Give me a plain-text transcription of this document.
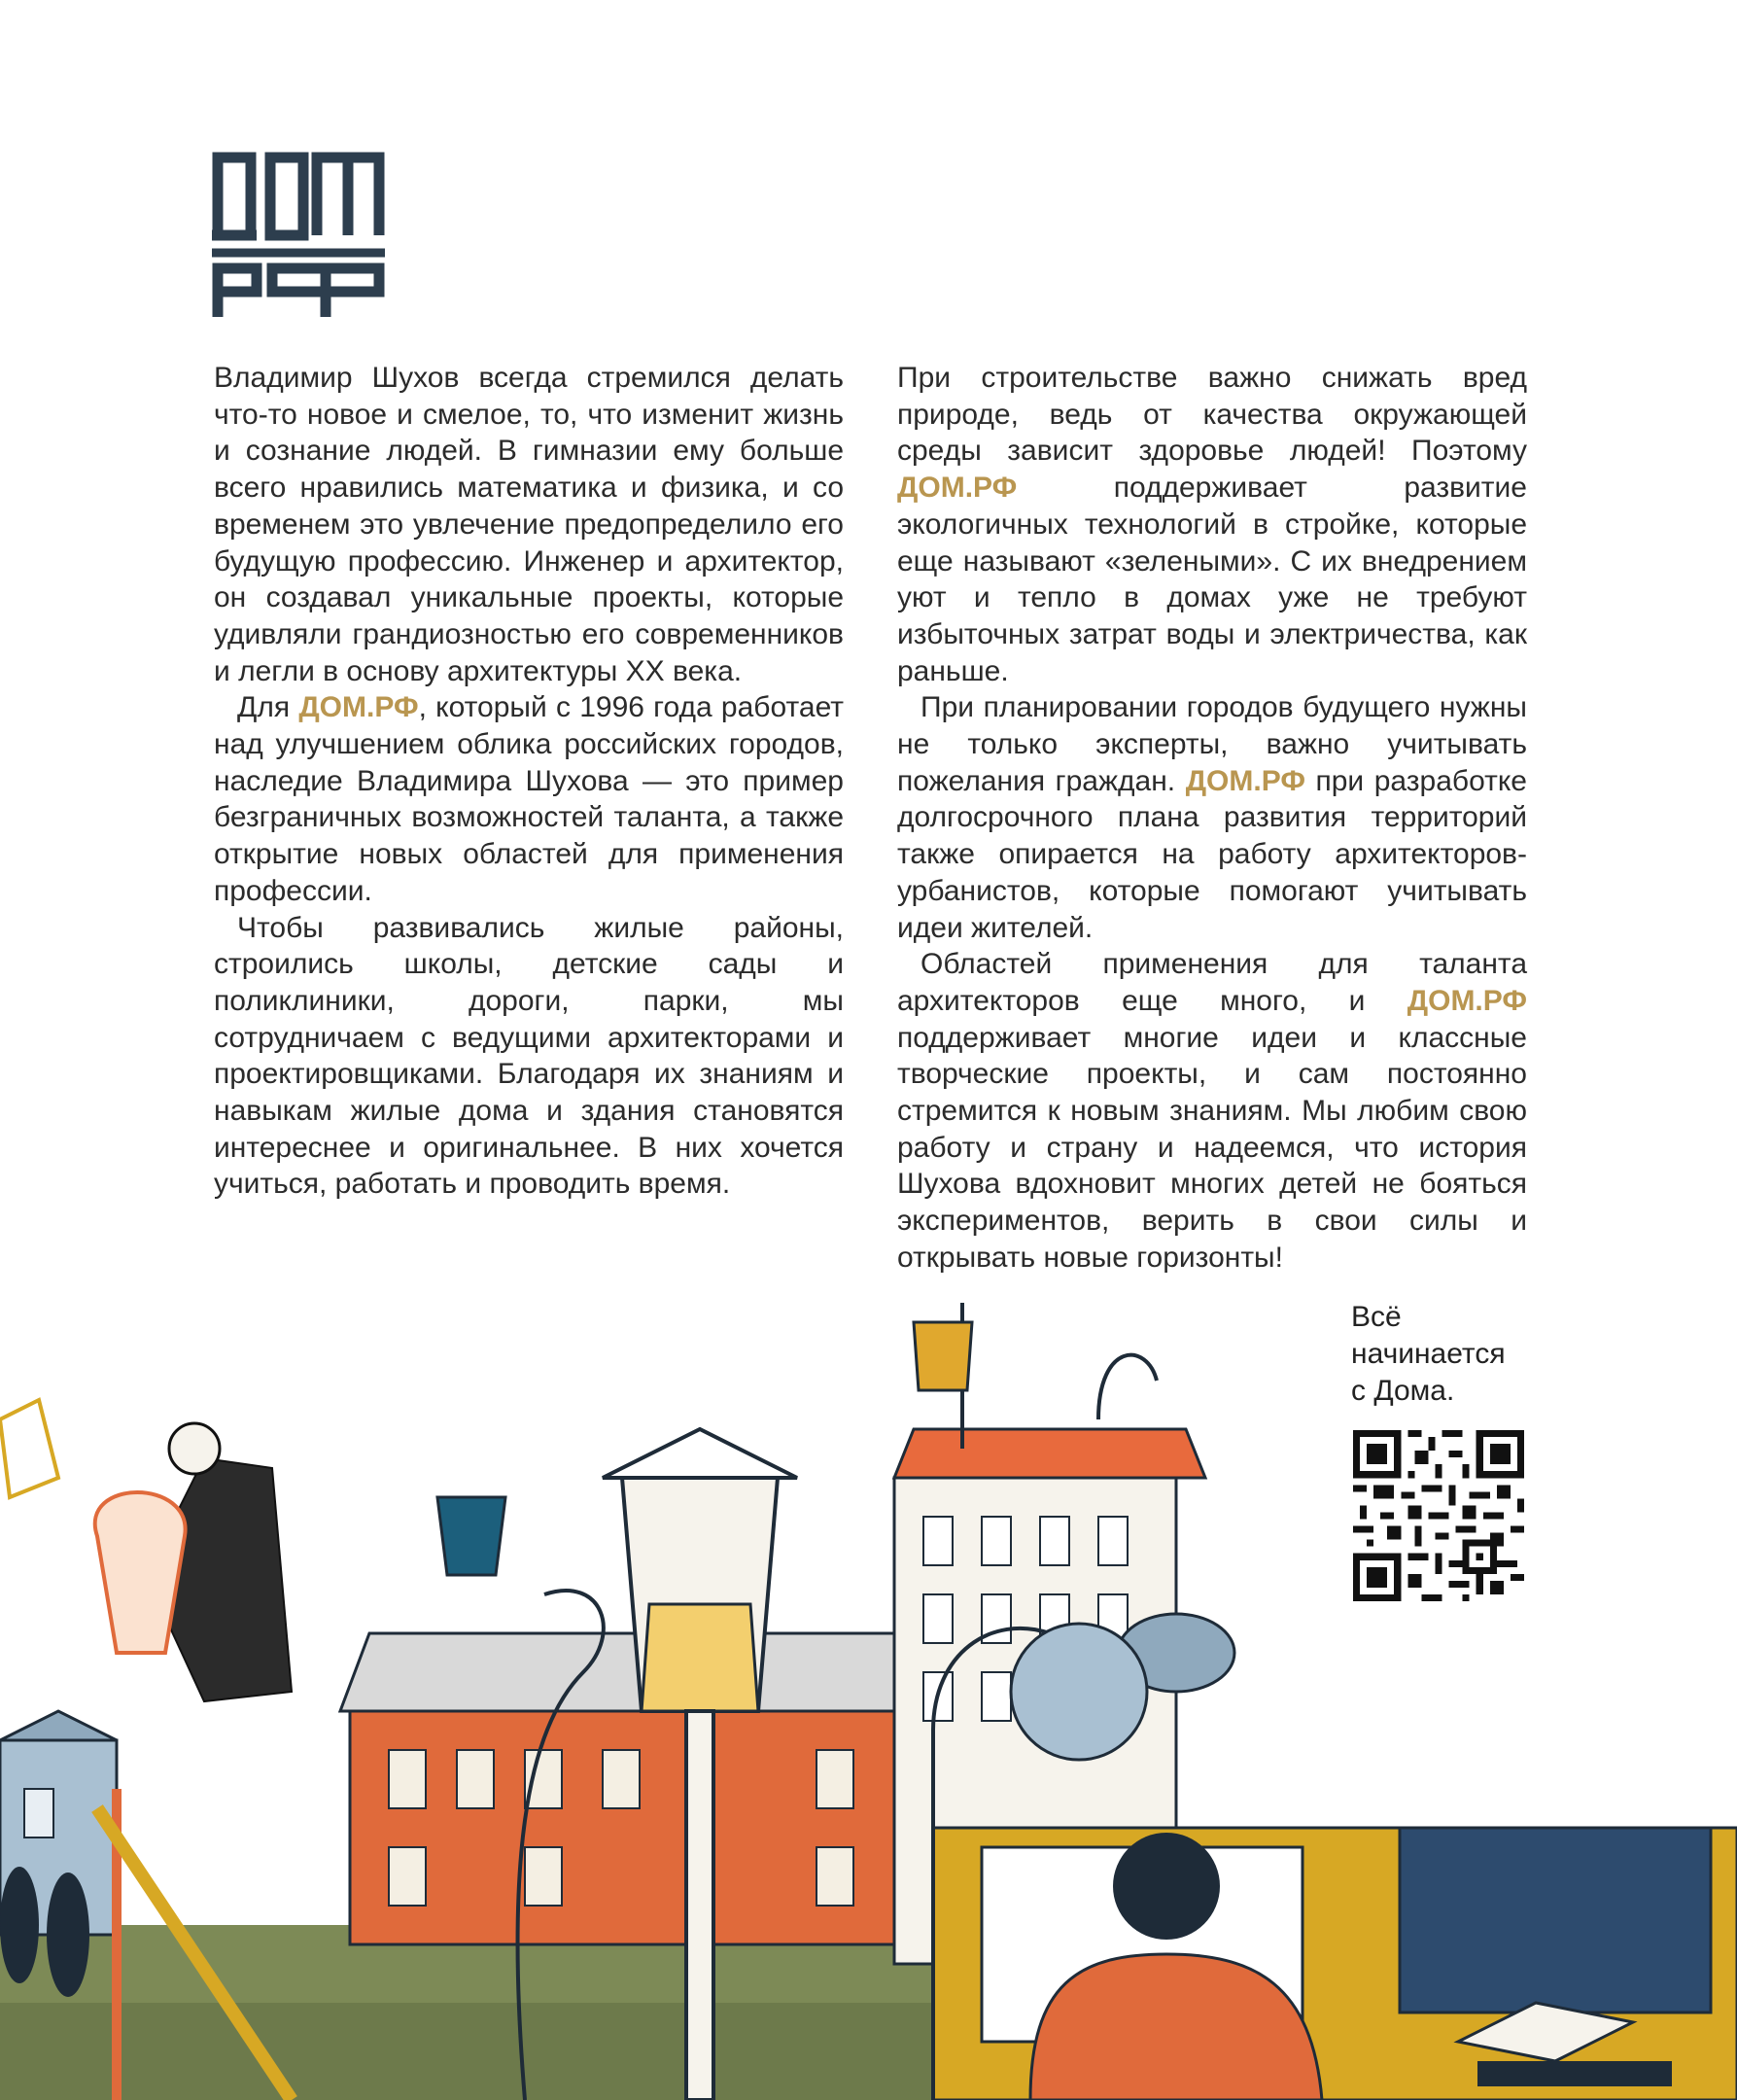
Владимир Шухов всегда стремился делать что-то новое и смелое, то, что изменит жизнь и сознание людей. В гимназии ему больше всего нравились математика и физика, и со временем это увлечение предопределило его будущую профессию. Инженер и архитектор, он создавал уникальные проекты, которые удивляли грандиозностью его современников и легли в основу архитектуры XX века.

Для ДОМ.РФ, который с 1996 года работает над улучшением облика российских городов, наследие Владимира Шухова — это пример безграничных возможностей таланта, а также открытие новых областей для применения профессии.

Чтобы развивались жилые районы, строились школы, детские сады и поликлиники, дороги, парки, мы сотрудничаем с ведущими архитекторами и проектировщиками. Благодаря их знаниям и навыкам жилые дома и здания становятся интереснее и оригинальнее. В них хочется учиться, работать и проводить время.

При строительстве важно снижать вред природе, ведь от качества окружающей среды зависит здоровье людей! Поэтому ДОМ.РФ поддерживает развитие экологичных технологий в стройке, которые еще называют «зелеными». С их внедрением уют и тепло в домах уже не требуют избыточных затрат воды и электричества, как раньше.

При планировании городов будущего нужны не только эксперты, важно учитывать пожелания граждан. ДОМ.РФ при разработке долгосрочного плана развития территорий также опирается на работу архитекторов-урбанистов, которые помогают учитывать идеи жителей.

Областей применения для таланта архитекторов еще много, и ДОМ.РФ поддерживает многие идеи и классные творческие проекты, и сам постоянно стремится к новым знаниям. Мы любим свою работу и страну и надеемся, что история Шухова вдохновит многих детей не бояться экспериментов, верить в свои силы и открывать новые горизонты!

Всё
начинается
с Дома.
